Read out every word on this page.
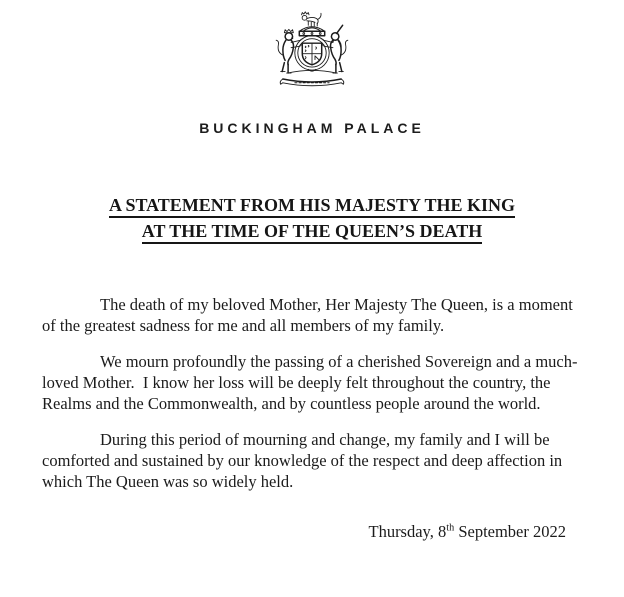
BUCKINGHAM PALACE
A STATEMENT FROM HIS MAJESTY THE KING
AT THE TIME OF THE QUEEN’S DEATH

The death of my beloved Mother, Her Majesty The Queen, is a moment of the greatest sadness for me and all members of my family.

We mourn profoundly the passing of a cherished Sovereign and a much-loved Mother.  I know her loss will be deeply felt throughout the country, the Realms and the Commonwealth, and by countless people around the world.

During this period of mourning and change, my family and I will be comforted and sustained by our knowledge of the respect and deep affection in which The Queen was so widely held.

Thursday, 8th September 2022
